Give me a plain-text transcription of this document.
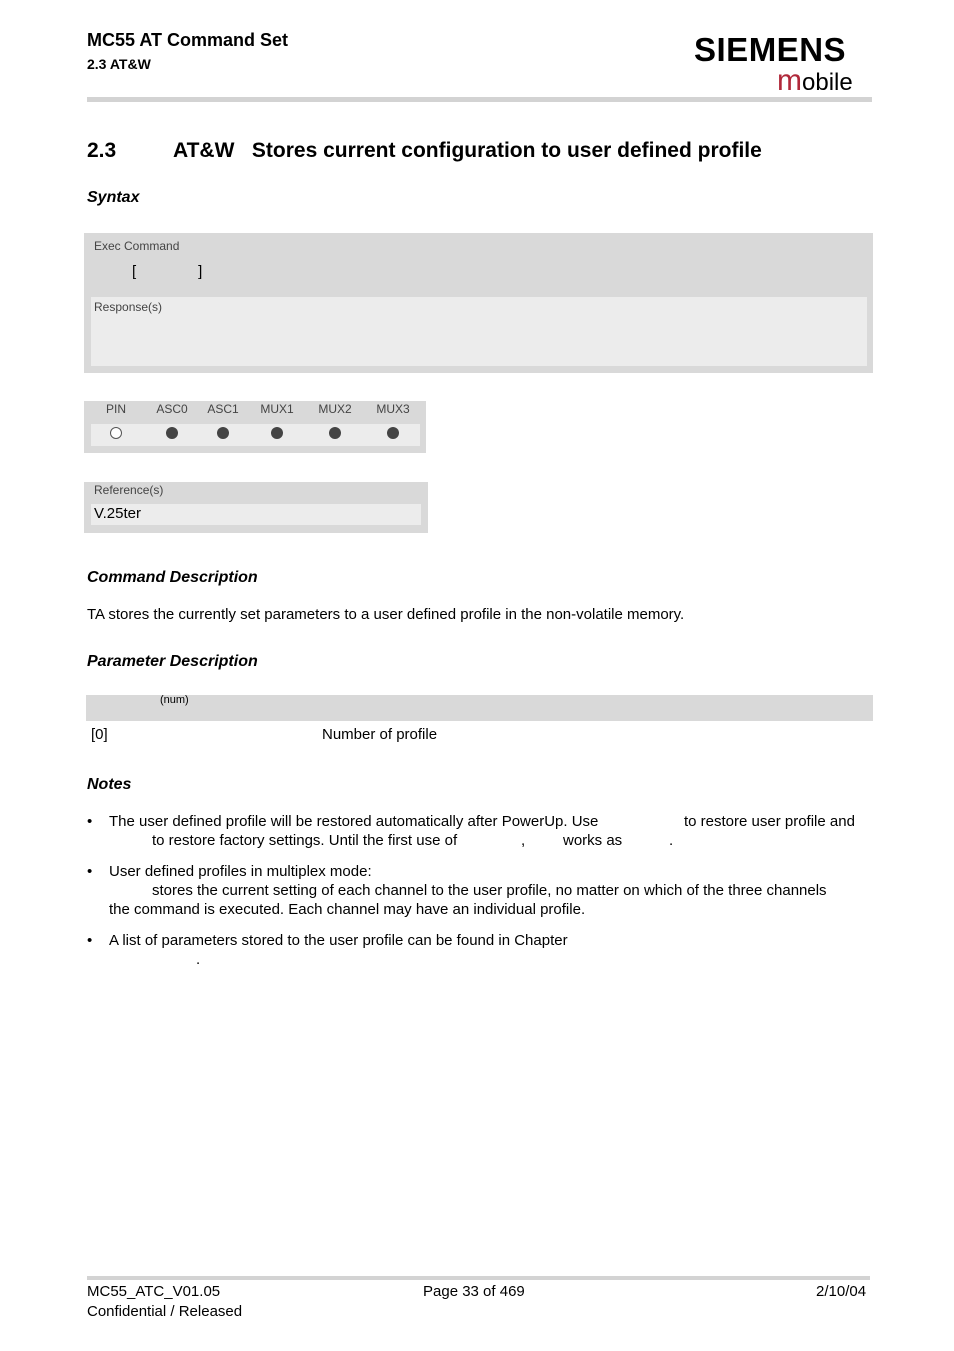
MC55 AT Command Set
2.3 AT&W	SIEMENS
mobile
2.3	AT&W   Stores current configuration to user defined profile
Syntax
Exec Command
[	]
Response(s)
PIN	ASC0	ASC1	MUX1	MUX2	MUX3
Reference(s)
V.25ter
Command Description
TA stores the currently set parameters to a user defined profile in the non-volatile memory.
Parameter Description
(num)
[0]	Number of profile
Notes
• The user defined profile will be restored automatically after PowerUp. Use	to restore user profile and
to restore factory settings. Until the first use of	,	works as	.
• User defined profiles in multiplex mode:
stores the current setting of each channel to the user profile, no matter on which of the three channels
the command is executed. Each channel may have an individual profile.
• A list of parameters stored to the user profile can be found in Chapter
.
MC55_ATC_V01.05
Confidential / Released
Page 33 of 469	2/10/04
